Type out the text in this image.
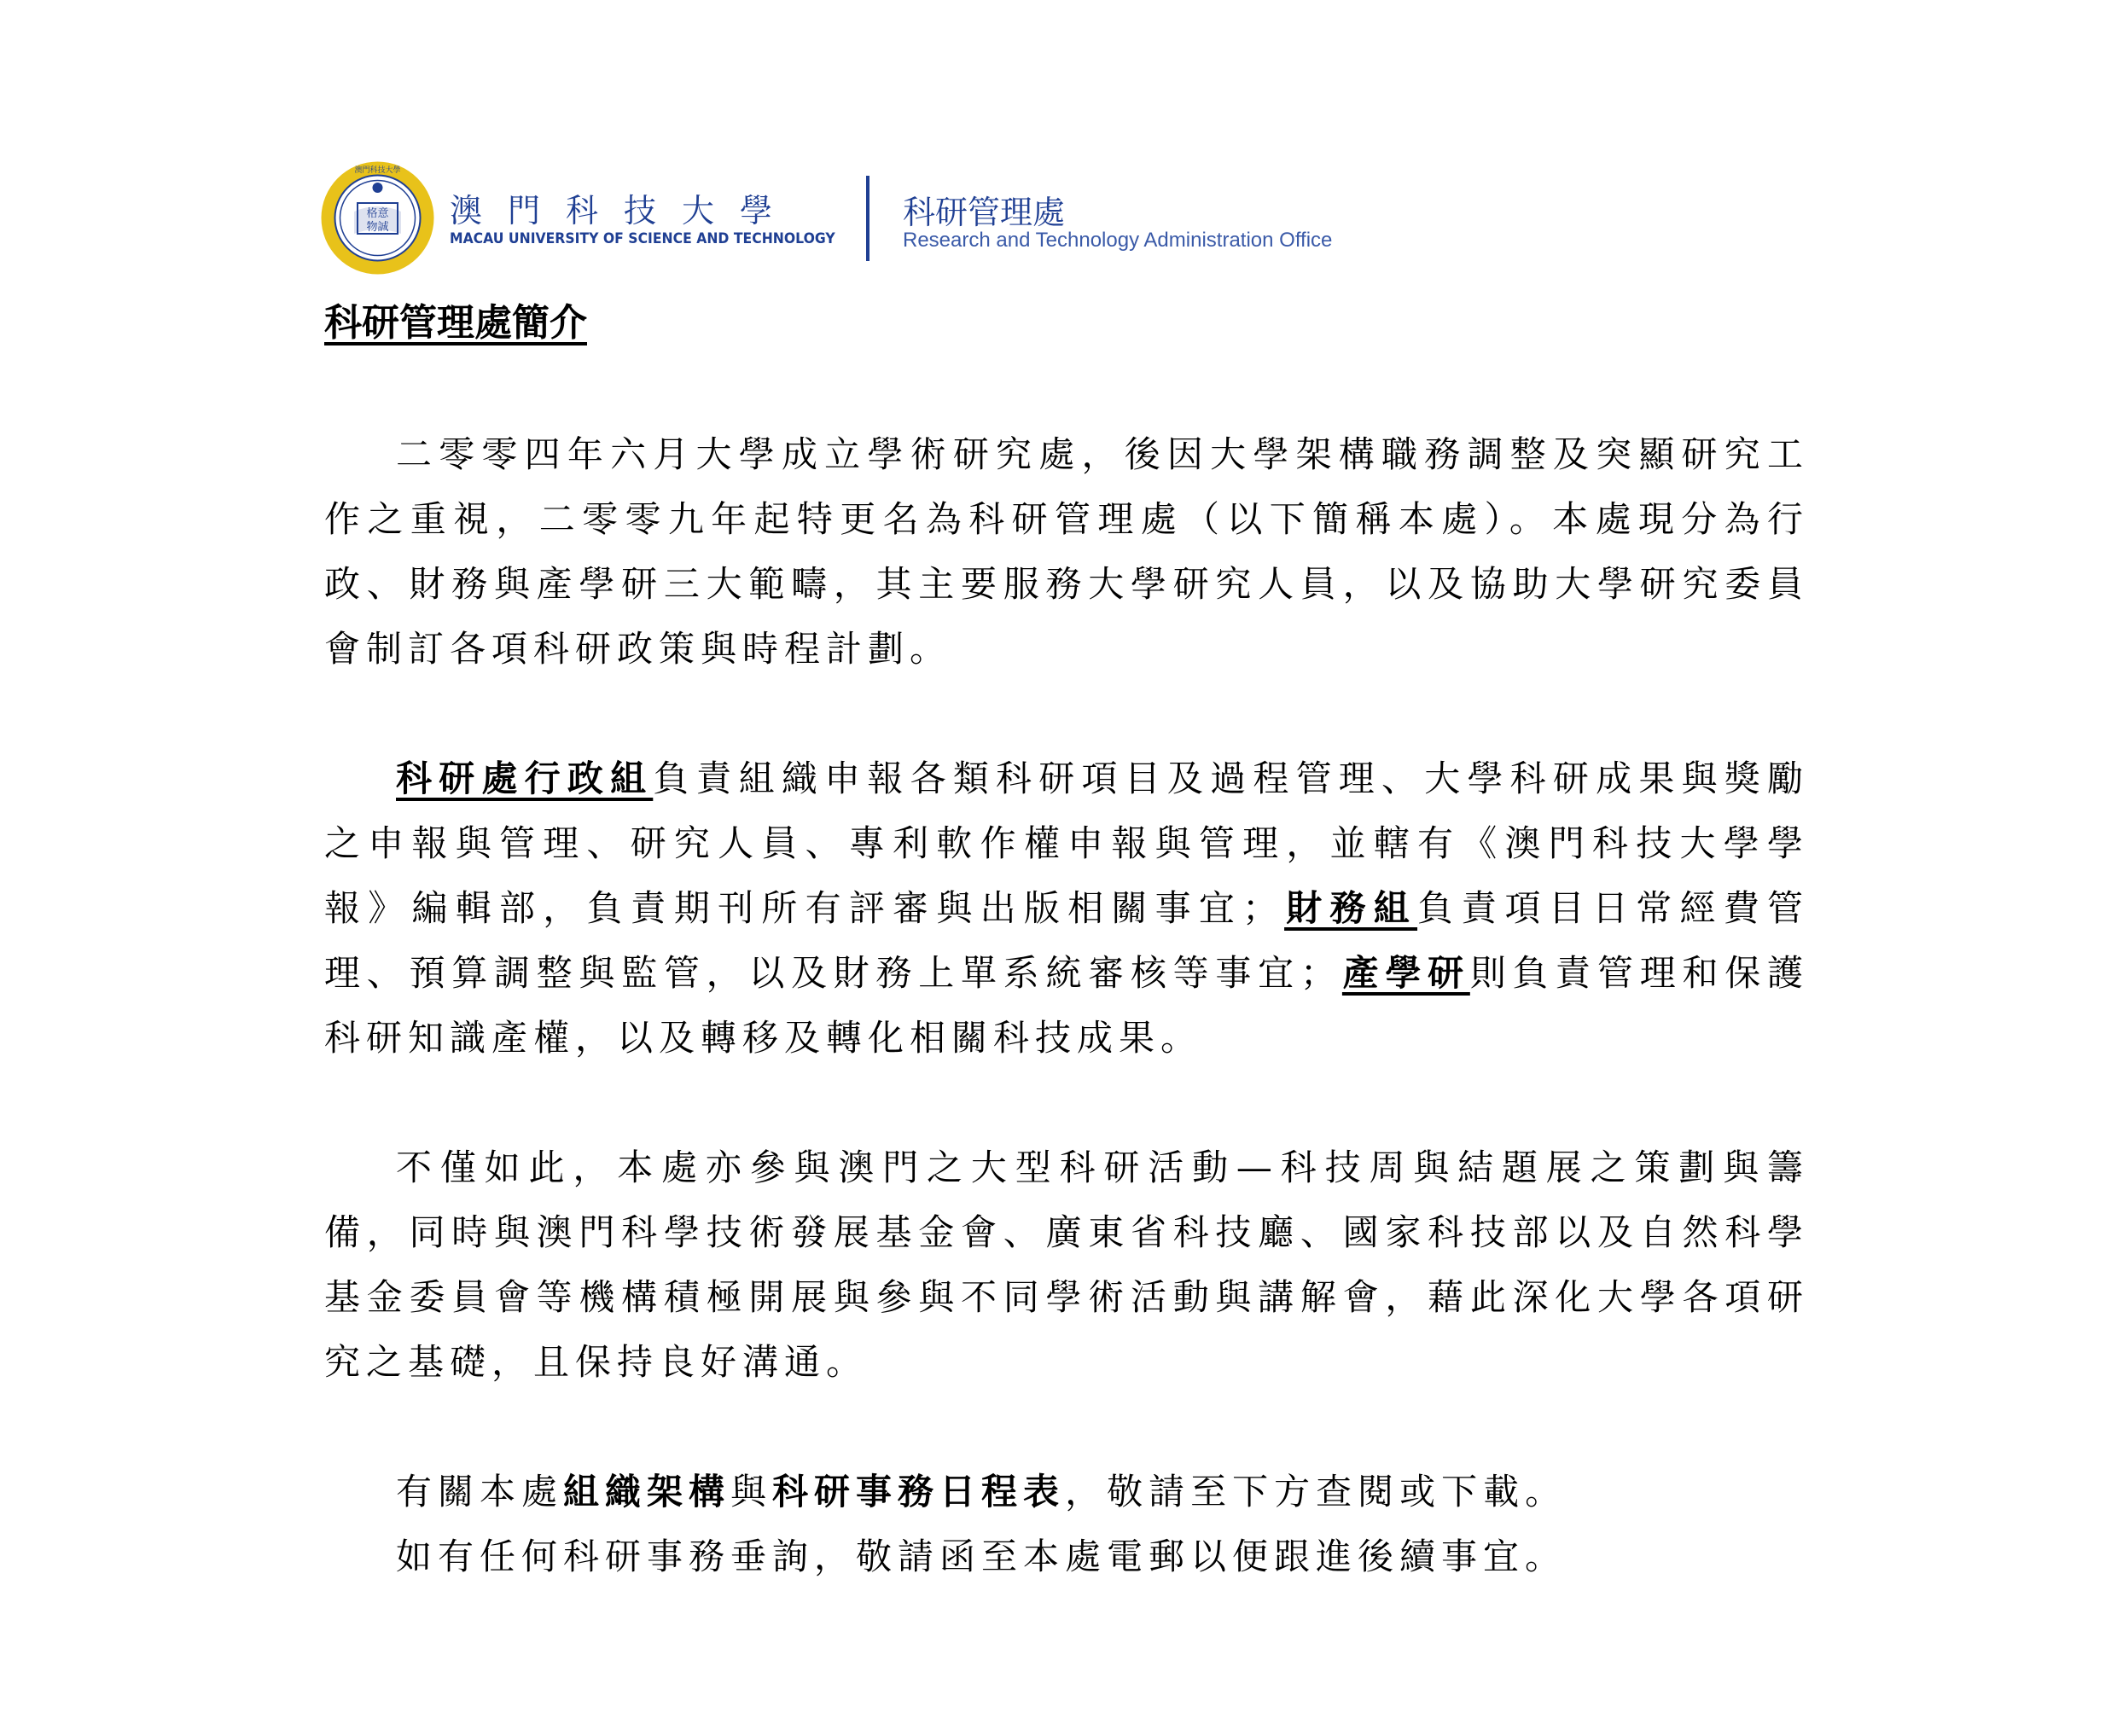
格意
物誠
澳門科技大學
澳門科技大學
MACAU UNIVERSITY OF SCIENCE AND TECHNOLOGY
科研管理處
Research and Technology Administration Office
科研管理處簡介

二零零四年六月大學成立學術研究處，後因大學架構職務調整及突顯研究工作之重視，二零零九年起特更名為科研管理處（以下簡稱本處）。本處現分為行政、財務與產學研三大範疇，其主要服務大學研究人員，以及協助大學研究委員會制訂各項科研政策與時程計劃。

科研處行政組負責組織申報各類科研項目及過程管理、大學科研成果與獎勵之申報與管理、研究人員、專利軟作權申報與管理，並轄有《澳門科技大學學報》編輯部，負責期刊所有評審與出版相關事宜；財務組負責項目日常經費管理、預算調整與監管，以及財務上單系統審核等事宜；產學研則負責管理和保護科研知識產權，以及轉移及轉化相關科技成果。

不僅如此，本處亦參與澳門之大型科研活動—科技周與結題展之策劃與籌備，同時與澳門科學技術發展基金會、廣東省科技廳、國家科技部以及自然科學基金委員會等機構積極開展與參與不同學術活動與講解會，藉此深化大學各項研究之基礎，且保持良好溝通。

有關本處組織架構與科研事務日程表，敬請至下方查閱或下載。

如有任何科研事務垂詢，敬請函至本處電郵以便跟進後續事宜。
